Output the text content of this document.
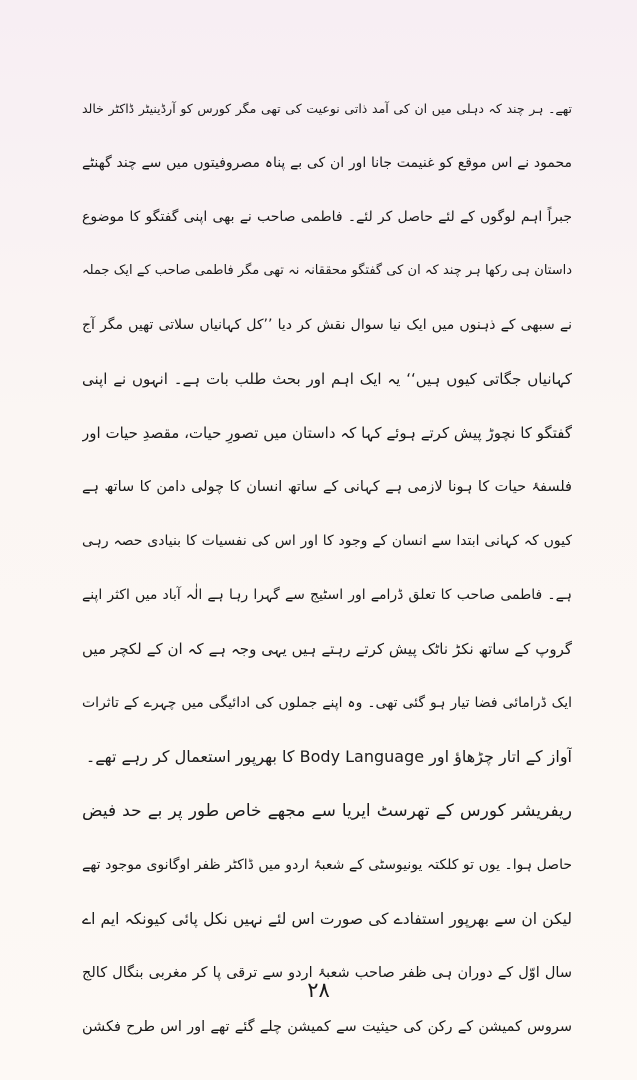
تھے۔ ہر چند کہ دہلی میں ان کی آمد ذاتی نوعیت کی تھی مگر کورس کو آرڈینیٹر ڈاکٹر خالد
محمود نے اس موقع کو غنیمت جانا اور ان کی بے پناہ مصروفیتوں میں سے چند گھنٹے
جبراً اہم لوگوں کے لئے حاصل کر لئے۔ فاطمی صاحب نے بھی اپنی گفتگو کا موضوع
داستان ہی رکھا ہر چند کہ ان کی گفتگو محققانہ نہ تھی مگر فاطمی صاحب کے ایک جملہ
نے سبھی کے ذہنوں میں ایک نیا سوال نقش کر دیا ’’کل کہانیاں سلاتی تھیں مگر آج
کہانیاں جگاتی کیوں ہیں‘‘ یہ ایک اہم اور بحث طلب بات ہے۔ انہوں نے اپنی
گفتگو کا نچوڑ پیش کرتے ہوئے کہا کہ داستان میں تصورِ حیات، مقصدِ حیات اور
فلسفۂ حیات کا ہونا لازمی ہے کہانی کے ساتھ انسان کا چولی دامن کا ساتھ ہے
کیوں کہ کہانی ابتدا سے انسان کے وجود کا اور اس کی نفسیات کا بنیادی حصہ رہی
ہے۔ فاطمی صاحب کا تعلق ڈرامے اور اسٹیج سے گہرا رہا ہے الٰہ آباد میں اکثر اپنے
گروپ کے ساتھ نکڑ ناٹک پیش کرتے رہتے ہیں یہی وجہ ہے کہ ان کے لکچر میں
ایک ڈرامائی فضا تیار ہو گئی تھی۔ وہ اپنے جملوں کی ادائیگی میں چہرے کے تاثرات
آواز کے اتار چڑھاؤ اور Body Language کا بھرپور استعمال کر رہے تھے۔
ریفریشر کورس کے تھرسٹ ایریا سے مجھے خاص طور پر بے حد فیض
حاصل ہوا۔ یوں تو کلکتہ یونیوسٹی کے شعبۂ اردو میں ڈاکٹر ظفر اوگانوی موجود تھے
لیکن ان سے بھرپور استفادے کی صورت اس لئے نہیں نکل پائی کیونکہ ایم اے
سال اوّل کے دوران ہی ظفر صاحب شعبۂ اردو سے ترقی پا کر مغربی بنگال کالج
سروس کمیشن کے رکن کی حیثیت سے کمیشن چلے گئے تھے اور اس طرح فکشن
۲۸
